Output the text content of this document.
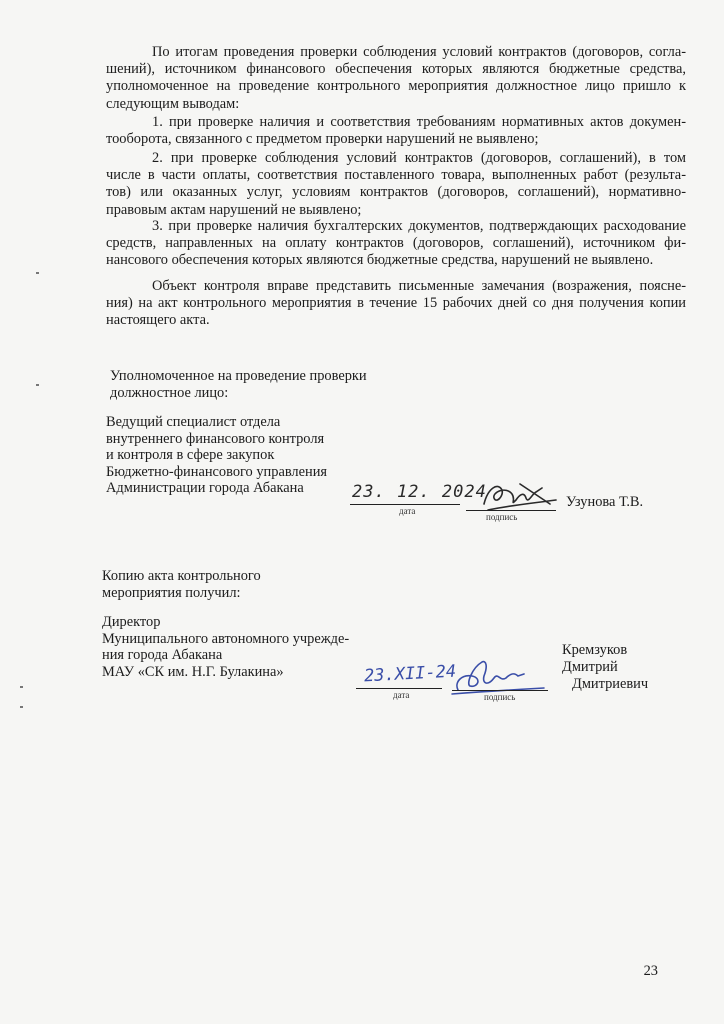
По итогам проведения проверки соблюдения условий контрактов (договоров, согла-
шений), источником финансового обеспечения которых являются бюджетные средства,
уполномоченное на проведение контрольного мероприятия должностное лицо пришло к
следующим выводам:
1. при проверке наличия и соответствия требованиям нормативных актов докумен-
тооборота, связанного с предметом проверки нарушений не выявлено;
2. при проверке соблюдения условий контрактов (договоров, соглашений), в том
числе в части оплаты, соответствия поставленного товара, выполненных работ (результа-
тов) или оказанных услуг, условиям контрактов (договоров, соглашений), нормативно-
правовым актам нарушений не выявлено;
3. при проверке наличия бухгалтерских документов, подтверждающих расходование
средств, направленных на оплату контрактов (договоров, соглашений), источником фи-
нансового обеспечения которых являются бюджетные средства, нарушений не выявлено.
Объект контроля вправе представить письменные замечания (возражения, поясне-
ния) на акт контрольного мероприятия в течение 15 рабочих дней со дня получения копии
настоящего акта.
Уполномоченное на проведение проверки
должностное лицо:
Ведущий специалист отдела
внутреннего финансового контроля
и контроля в сфере закупок
Бюджетно-финансового управления
Администрации города Абакана	23. 12. 2024
дата
подпись
Узунова Т.В.
Копию акта контрольного
мероприятия получил:
Директор
Муниципального автономного учрежде-
ния города Абакана
МАУ «СК им. Н.Г. Булакина»	23.XII-24
дата	подпись
Кремзуков
Дмитрий
Дмитриевич
23
